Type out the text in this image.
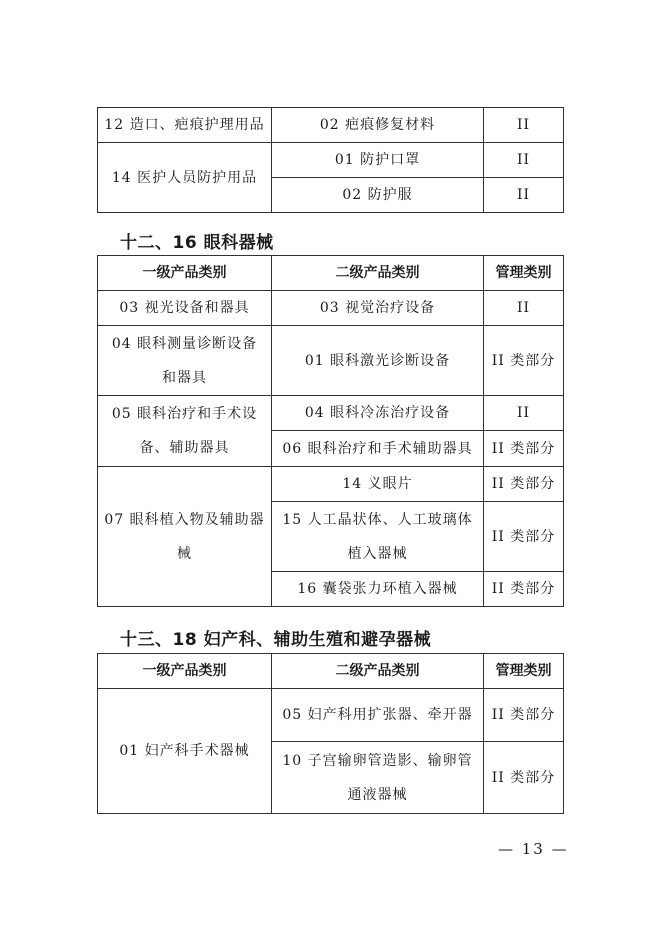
12 造口、疤痕护理用品	02 疤痕修复材料	II
14 医护人员防护用品	01 防护口罩	II
	02 防护服	II
十二、16 眼科器械
一级产品类别	二级产品类别	管理类别
03 视光设备和器具	03 视觉治疗设备	II

04 眼科测量诊断设备
和器具	01 眼科激光诊断设备	II 类部分

05 眼科治疗和手术设
备、辅助器具	04 眼科冷冻治疗设备	II
	06 眼科治疗和手术辅助器具	II 类部分

07 眼科植入物及辅助器
械	14 义眼片	II 类部分

	15 人工晶状体、人工玻璃体
植入器械	II 类部分
	16 囊袋张力环植入器械	II 类部分
十三、18 妇产科、辅助生殖和避孕器械
一级产品类别	二级产品类别	管理类别
01 妇产科手术器械	05 妇产科用扩张器、牵开器	II 类部分

	10 子宫输卵管造影、输卵管
通液器械	II 类部分
— 13 —
